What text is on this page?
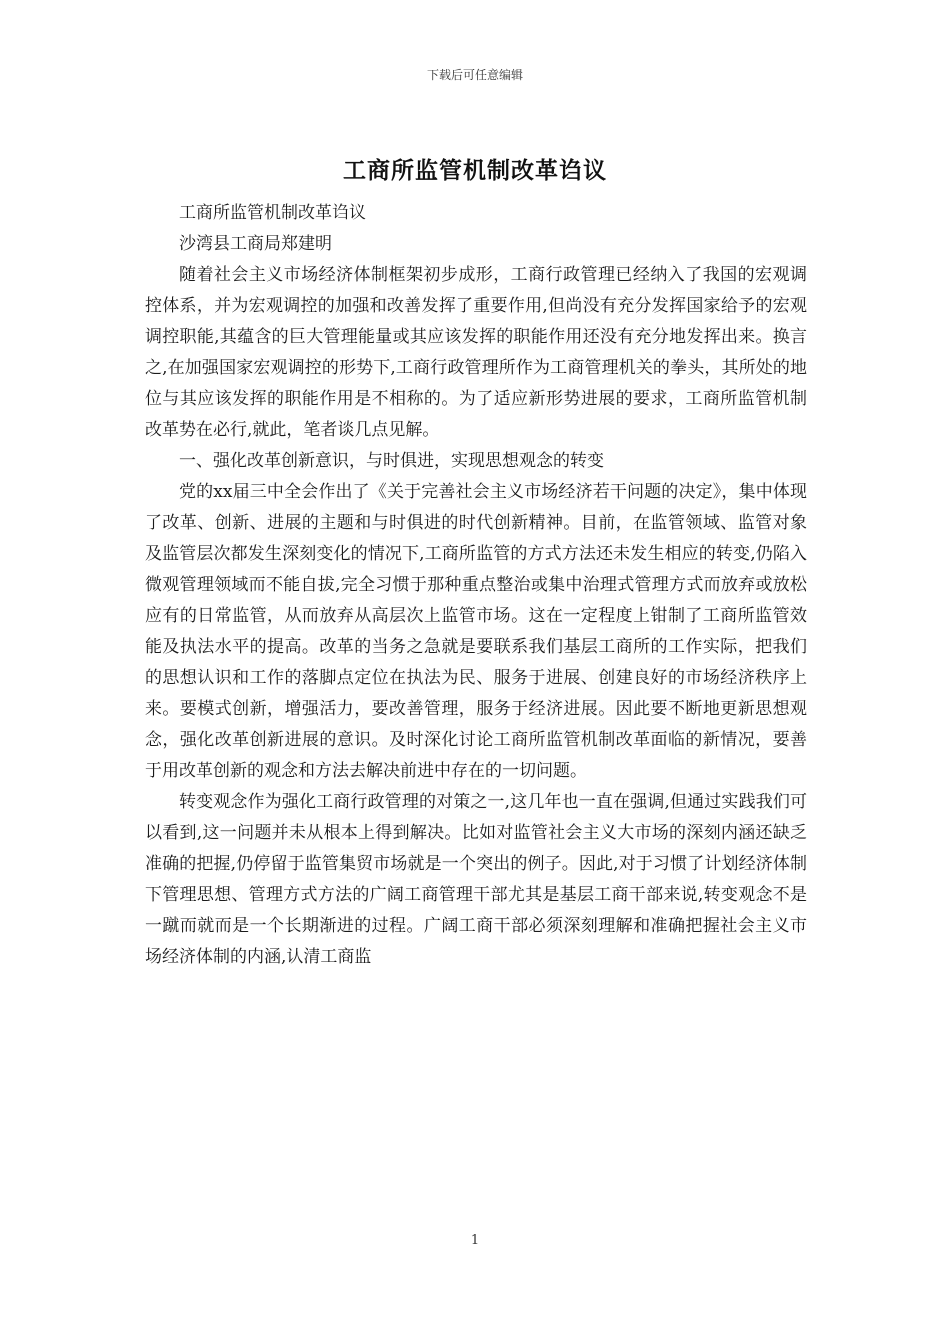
下载后可任意编辑
工商所监管机制改革诌议

工商所监管机制改革诌议

沙湾县工商局郑建明

随着社会主义市场经济体制框架初步成形，工商行政管理已经纳入了我国的宏观调控体系，并为宏观调控的加强和改善发挥了重要作用,但尚没有充分发挥国家给予的宏观调控职能,其蕴含的巨大管理能量或其应该发挥的职能作用还没有充分地发挥出来。换言之,在加强国家宏观调控的形势下,工商行政管理所作为工商管理机关的拳头，其所处的地位与其应该发挥的职能作用是不相称的。为了适应新形势进展的要求，工商所监管机制改革势在必行,就此，笔者谈几点见解。

一、强化改革创新意识，与时俱进，实现思想观念的转变

党的xx届三中全会作出了《关于完善社会主义市场经济若干问题的决定》，集中体现了改革、创新、进展的主题和与时俱进的时代创新精神。目前，在监管领域、监管对象及监管层次都发生深刻变化的情况下,工商所监管的方式方法还未发生相应的转变,仍陷入微观管理领域而不能自拔,完全习惯于那种重点整治或集中治理式管理方式而放弃或放松应有的日常监管，从而放弃从高层次上监管市场。这在一定程度上钳制了工商所监管效能及执法水平的提高。改革的当务之急就是要联系我们基层工商所的工作实际，把我们的思想认识和工作的落脚点定位在执法为民、服务于进展、创建良好的市场经济秩序上来。要模式创新，增强活力，要改善管理，服务于经济进展。因此要不断地更新思想观念，强化改革创新进展的意识。及时深化讨论工商所监管机制改革面临的新情况，要善于用改革创新的观念和方法去解决前进中存在的一切问题。

转变观念作为强化工商行政管理的对策之一,这几年也一直在强调,但通过实践我们可以看到,这一问题并未从根本上得到解决。比如对监管社会主义大市场的深刻内涵还缺乏准确的把握,仍停留于监管集贸市场就是一个突出的例子。因此,对于习惯了计划经济体制下管理思想、管理方式方法的广阔工商管理干部尤其是基层工商干部来说,转变观念不是一蹴而就而是一个长期渐进的过程。广阔工商干部必须深刻理解和准确把握社会主义市场经济体制的内涵,认清工商监

1
